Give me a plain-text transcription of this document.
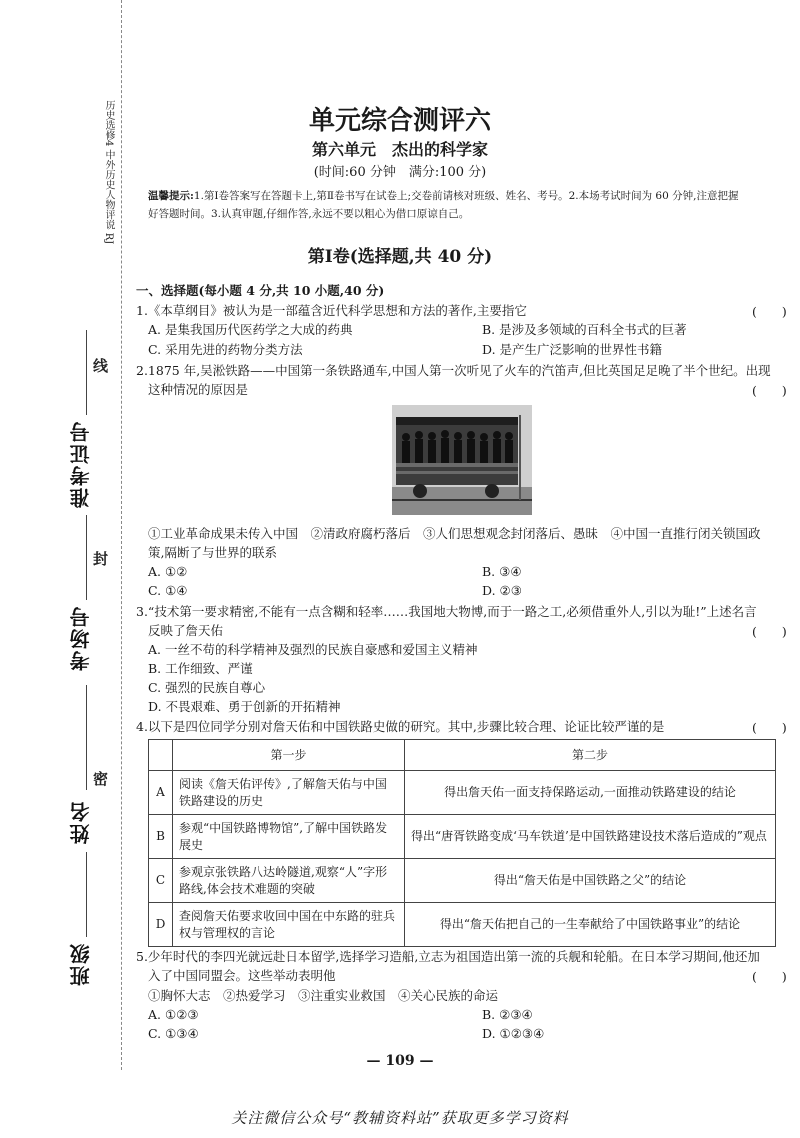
历史选修4 中外历史人物评说 RJ
线
封
密
准考证号
考场号
姓名
班级
单元综合测评六
第六单元　杰出的科学家
(时间:60 分钟　满分:100 分)
温馨提示:1.第Ⅰ卷答案写在答题卡上,第Ⅱ卷书写在试卷上;交卷前请核对班级、姓名、考号。2.本场考试时间为 60 分钟,注意把握
好答题时间。3.认真审题,仔细作答,永远不要以粗心为借口原谅自己。
第Ⅰ卷(选择题,共 40 分)
一、选择题(每小题 4 分,共 10 小题,40 分)
1.《本草纲目》被认为是一部蕴含近代科学思想和方法的著作,主要指它	(　　)
A. 是集我国历代医药学之大成的药典	B. 是涉及多领域的百科全书式的巨著
C. 采用先进的药物分类方法	D. 是产生广泛影响的世界性书籍
2.1875 年,吴淞铁路——中国第一条铁路通车,中国人第一次听见了火车的汽笛声,但比英国足足晚了半个世纪。出现
这种情况的原因是	(　　)
①工业革命成果未传入中国　②清政府腐朽落后　③人们思想观念封闭落后、愚昧　④中国一直推行闭关锁国政
策,隔断了与世界的联系
A. ①②	B. ③④
C. ①④	D. ②③
3.“技术第一要求精密,不能有一点含糊和轻率……我国地大物博,而于一路之工,必须借重外人,引以为耻!”上述名言
反映了詹天佑	(　　)
A. 一丝不苟的科学精神及强烈的民族自豪感和爱国主义精神
B. 工作细致、严谨
C. 强烈的民族自尊心
D. 不畏艰难、勇于创新的开拓精神
4.以下是四位同学分别对詹天佑和中国铁路史做的研究。其中,步骤比较合理、论证比较严谨的是	(　　)
	第一步	第二步
A	阅读《詹天佑评传》,了解詹天佑与中国铁路建设的历史	得出詹天佑一面支持保路运动,一面推动铁路建设的结论
B	参观“中国铁路博物馆”,了解中国铁路发展史	得出“唐胥铁路变成‘马车铁道’是中国铁路建设技术落后造成的”观点
C	参观京张铁路八达岭隧道,观察“人”字形路线,体会技术难题的突破	得出“詹天佑是中国铁路之父”的结论
D	查阅詹天佑要求收回中国在中东路的驻兵权与管理权的言论	得出“詹天佑把自己的一生奉献给了中国铁路事业”的结论
5.少年时代的李四光就远赴日本留学,选择学习造船,立志为祖国造出第一流的兵舰和轮船。在日本学习期间,他还加
入了中国同盟会。这些举动表明他	(　　)
①胸怀大志　②热爱学习　③注重实业救国　④关心民族的命运
A. ①②③	B. ②③④
C. ①③④	D. ①②③④
— 109 —
关注微信公众号“教辅资料站”获取更多学习资料
